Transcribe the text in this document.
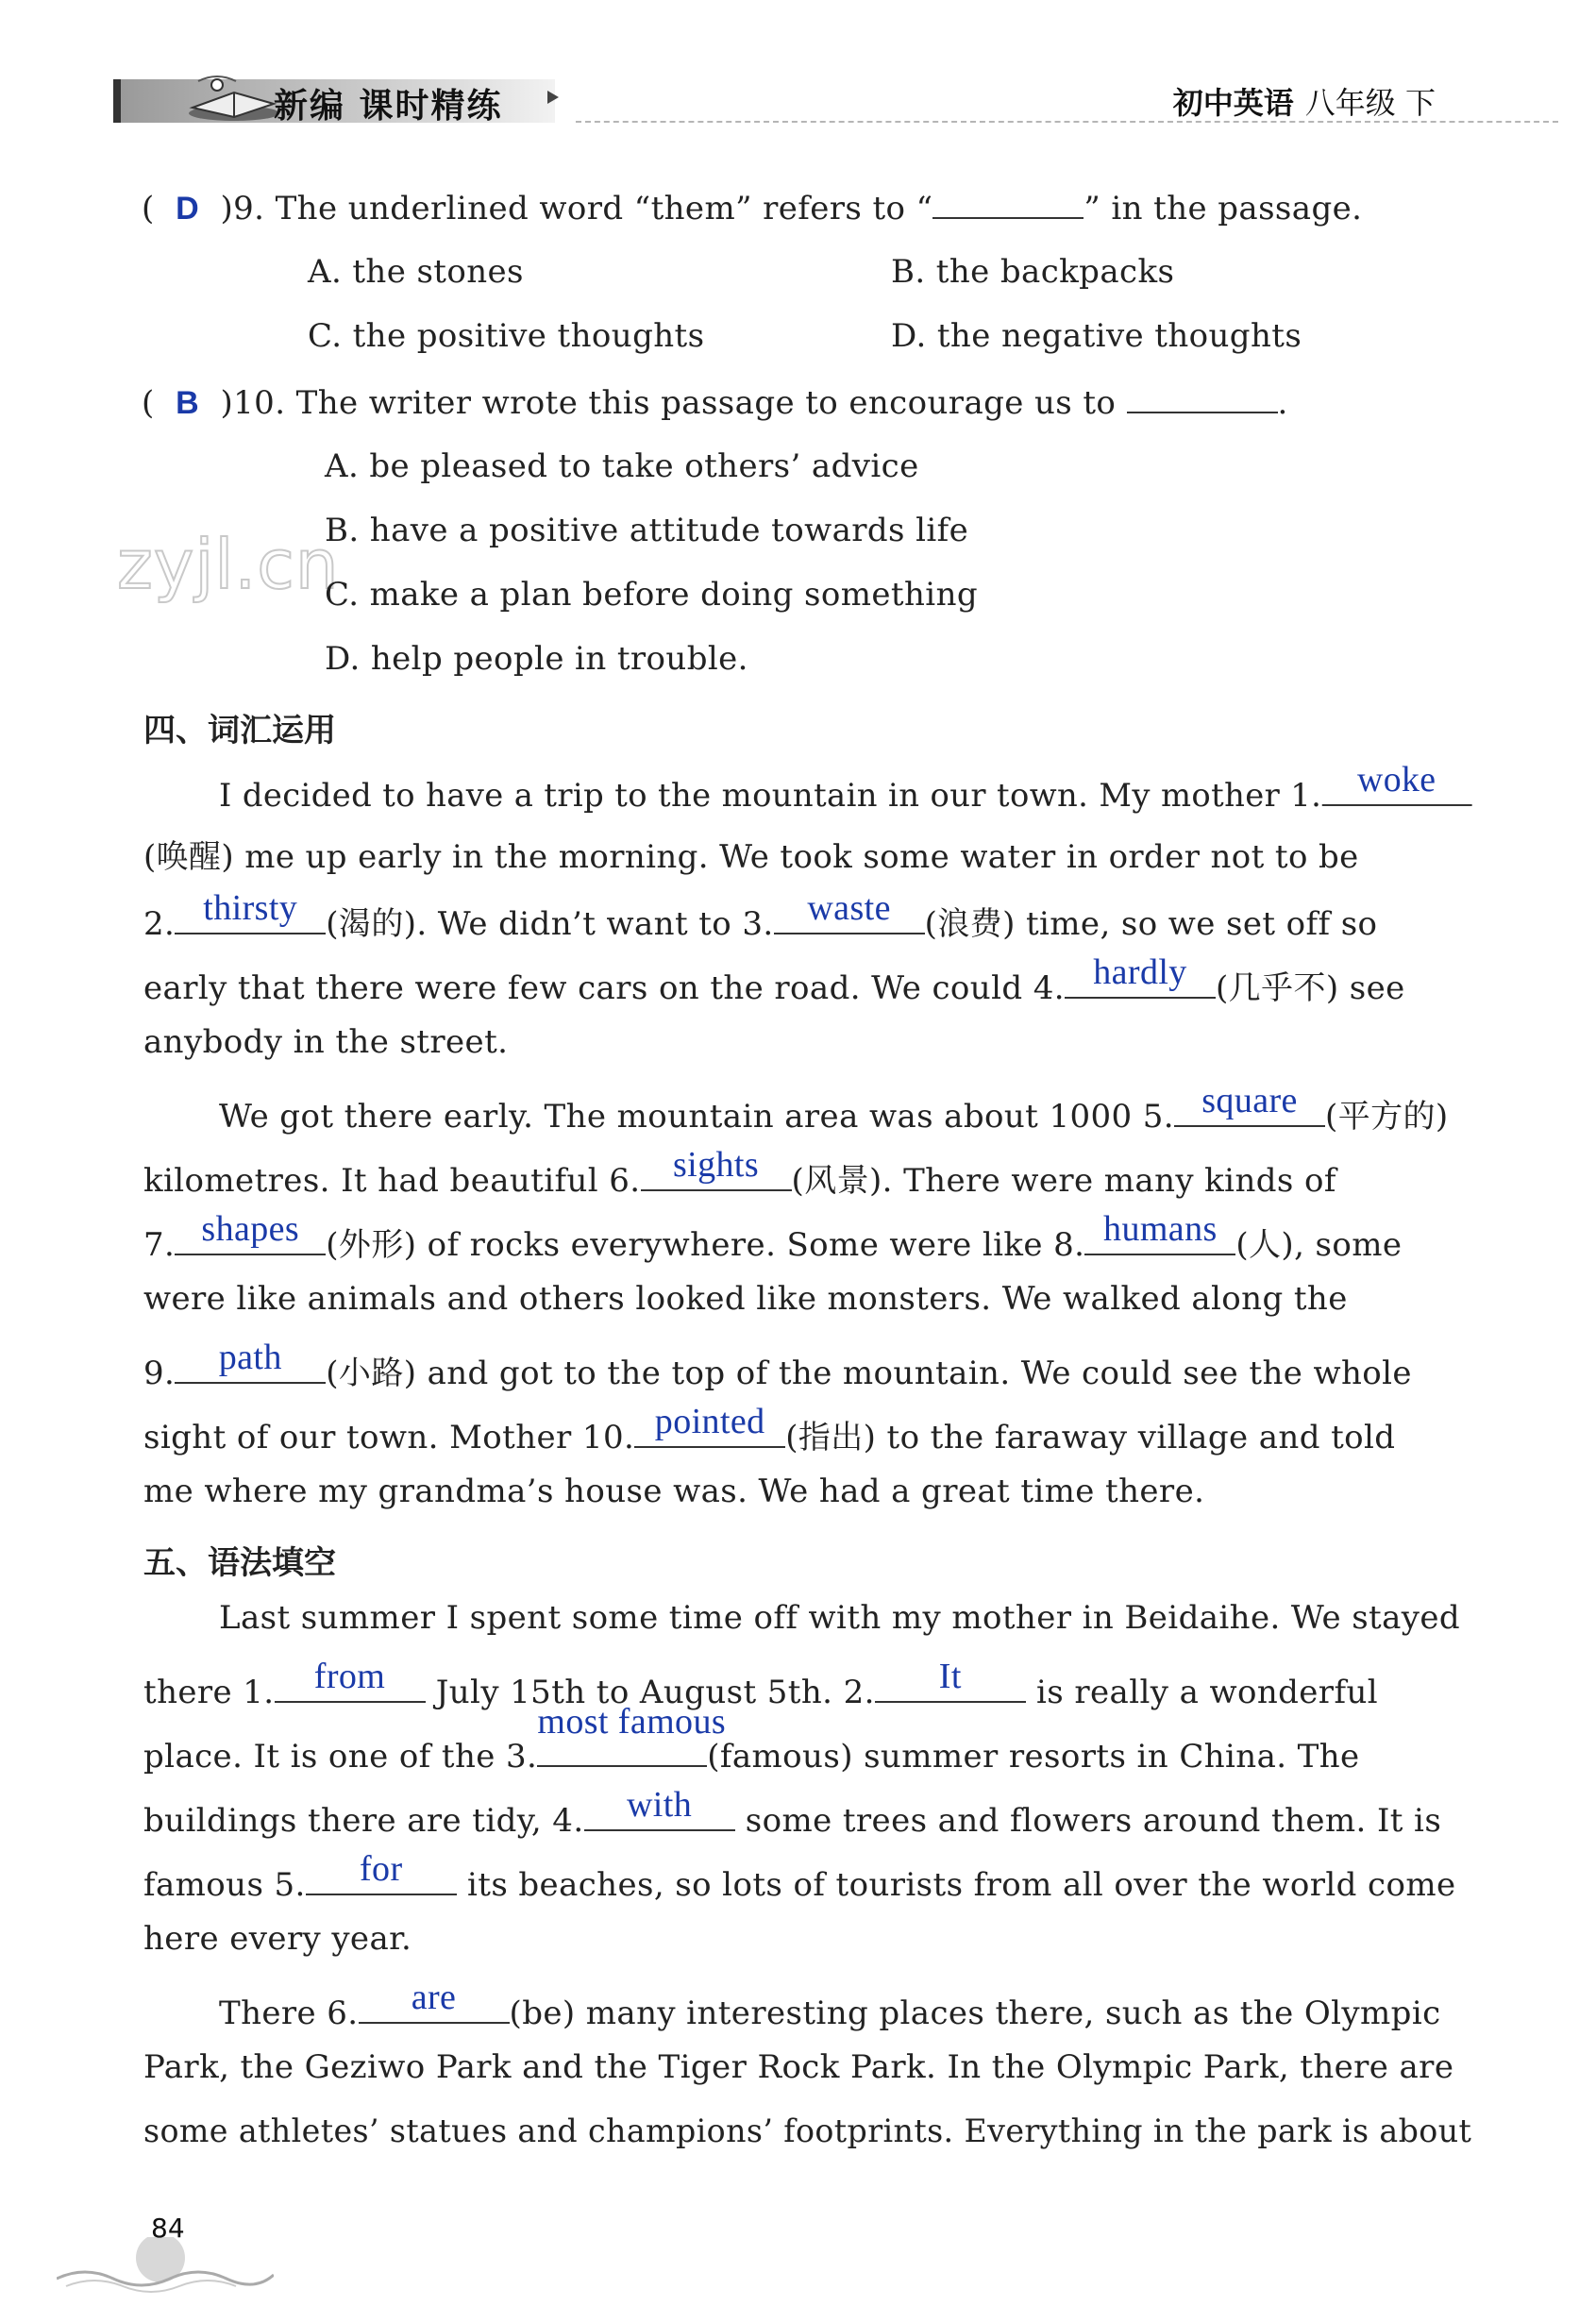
新编 课时精练	初中英语 八年级 下
zyjl.cn
(  D )9. The underlined word “them” refers to “	” in the passage.
A. the stones	B. the backpacks
C. the positive thoughts	D. the negative thoughts
(  B )10. The writer wrote this passage to encourage us to	.
A. be pleased to take others’ advice
B. have a positive attitude towards life
C. make a plan before doing something
D. help people in trouble.
四、词汇运用
I decided to have a trip to the mountain in our town. My mother 1. woke
(唤醒) me up early in the morning. We took some water in order not to be
2. thirsty (渴的). We didn’t want to 3. waste	(浪费) time, so we set off so
early that there were few cars on the road. We could 4. hardly (几乎不) see
anybody in the street.
We got there early. The mountain area was about 1000 5. square (平方的)
kilometres. It had beautiful 6. sights	(风景). There were many kinds of
7. shapes (外形) of rocks everywhere. Some were like 8. humans (人), some
were like animals and others looked like monsters. We walked along the
9.	path	(小路) and got to the top of the mountain. We could see the whole
sight of our town. Mother 10. pointed (指出) to the faraway village and told
me where my grandma’s house was. We had a great time there.
五、语法填空
Last summer I spent some time off with my mother in Beidaihe. We stayed
there 1.	from	July 15th to August 5th. 2.	It	is really a wonderful
place. It is one of the 3.
most famous
(famous) summer resorts in China. The
buildings there are tidy, 4.	with	some trees and flowers around them. It is
famous 5.	for	its beaches, so lots of tourists from all over the world come
here every year.
There 6.	are	(be) many interesting places there, such as the Olympic
Park, the Geziwo Park and the Tiger Rock Park. In the Olympic Park, there are
some athletes’ statues and champions’ footprints. Everything in the park is about
84
